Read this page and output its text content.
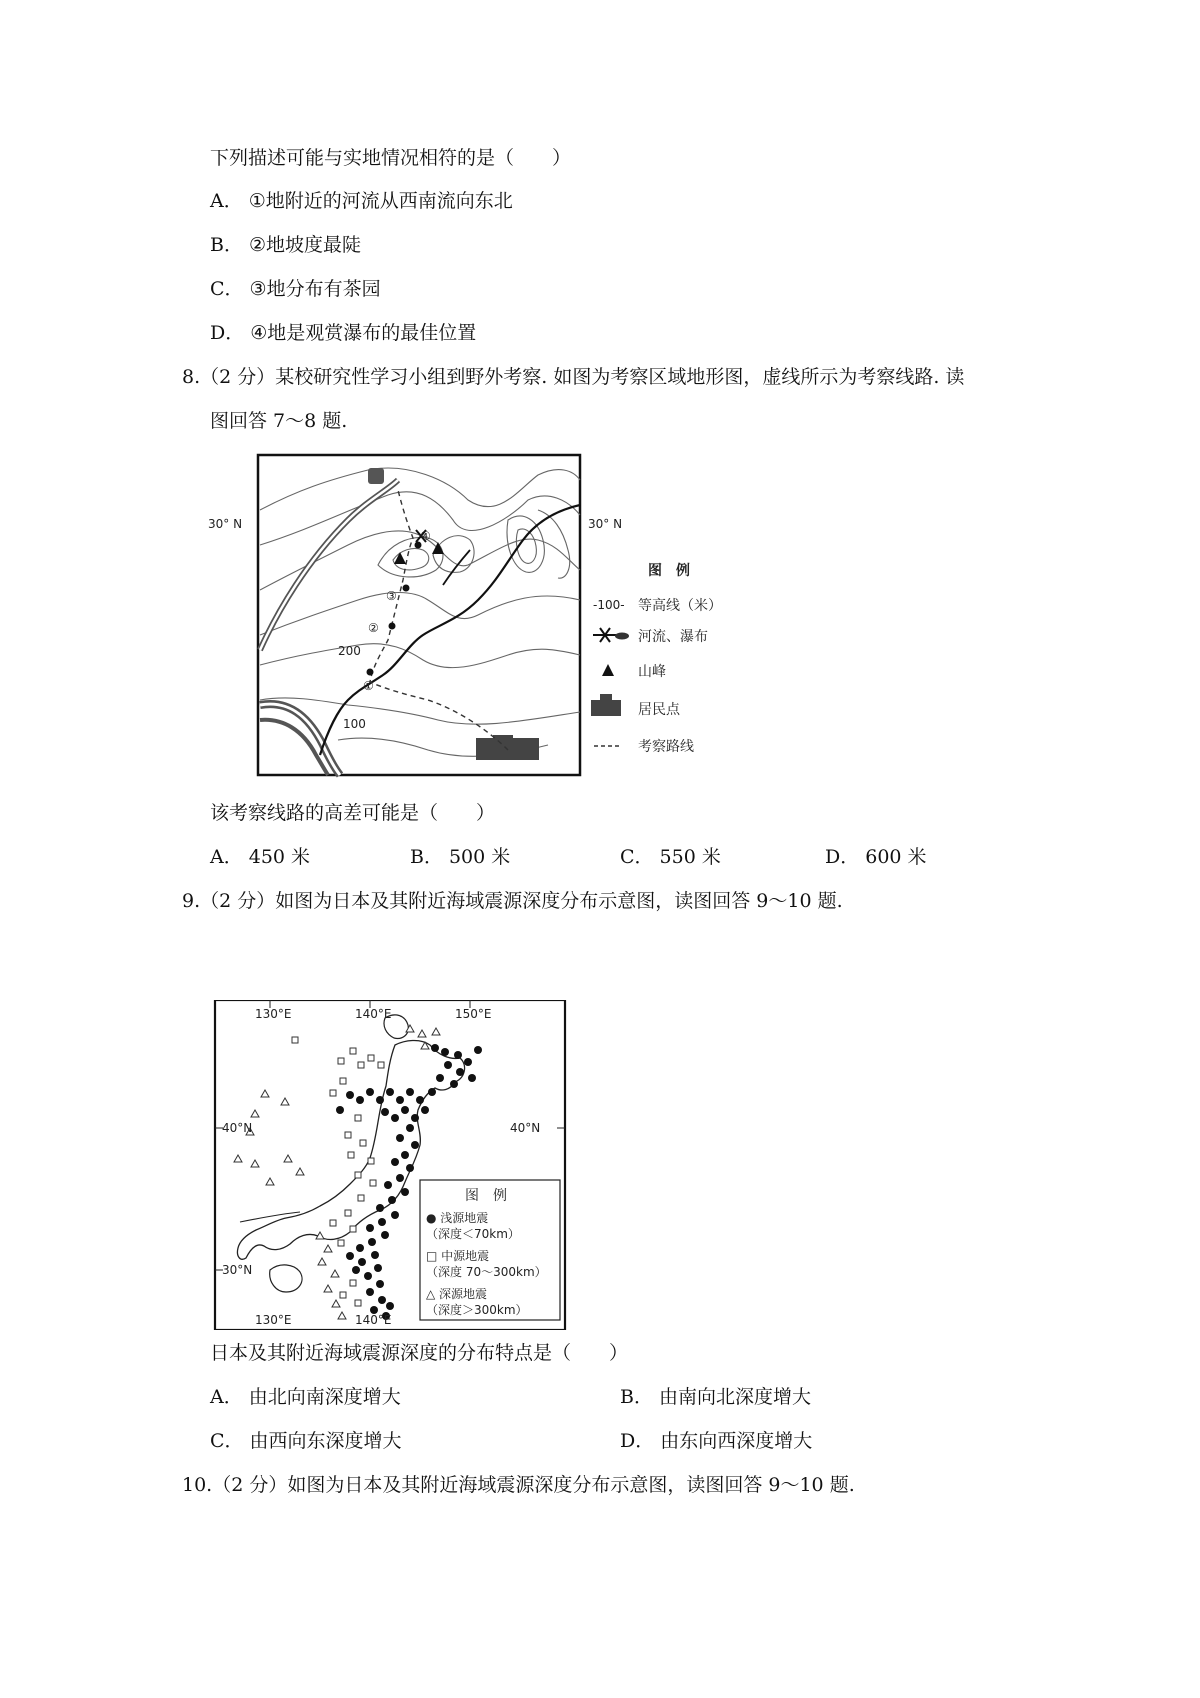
下列描述可能与实地情况相符的是（　　）
A． ①地附近的河流从西南流向东北
B． ②地坡度最陡
C． ③地分布有茶园
D． ④地是观赏瀑布的最佳位置
8.（2 分）某校研究性学习小组到野外考察. 如图为考察区域地形图，虚线所示为考察线路. 读
图回答 7～8 题.
④
③
②
①
200
100
30° N	30° N
图　例
-100- 等高线（米）
河流、瀑布
山峰
居民点
考察路线
该考察线路的高差可能是（　　）
A． 450 米	B． 500 米	C． 550 米	D． 600 米
9.（2 分）如图为日本及其附近海域震源深度分布示意图，读图回答 9～10 题.
130°E	140°E	150°E
40°N	40°N
30°N
130°E	140°E
图　例
● 浅源地震
（深度＜70km）
□ 中源地震
（深度 70～300km）
△ 深源地震
（深度＞300km）
日本及其附近海域震源深度的分布特点是（　　）
A． 由北向南深度增大	B． 由南向北深度增大
C． 由西向东深度增大	D． 由东向西深度增大
10.（2 分）如图为日本及其附近海域震源深度分布示意图，读图回答 9～10 题.
